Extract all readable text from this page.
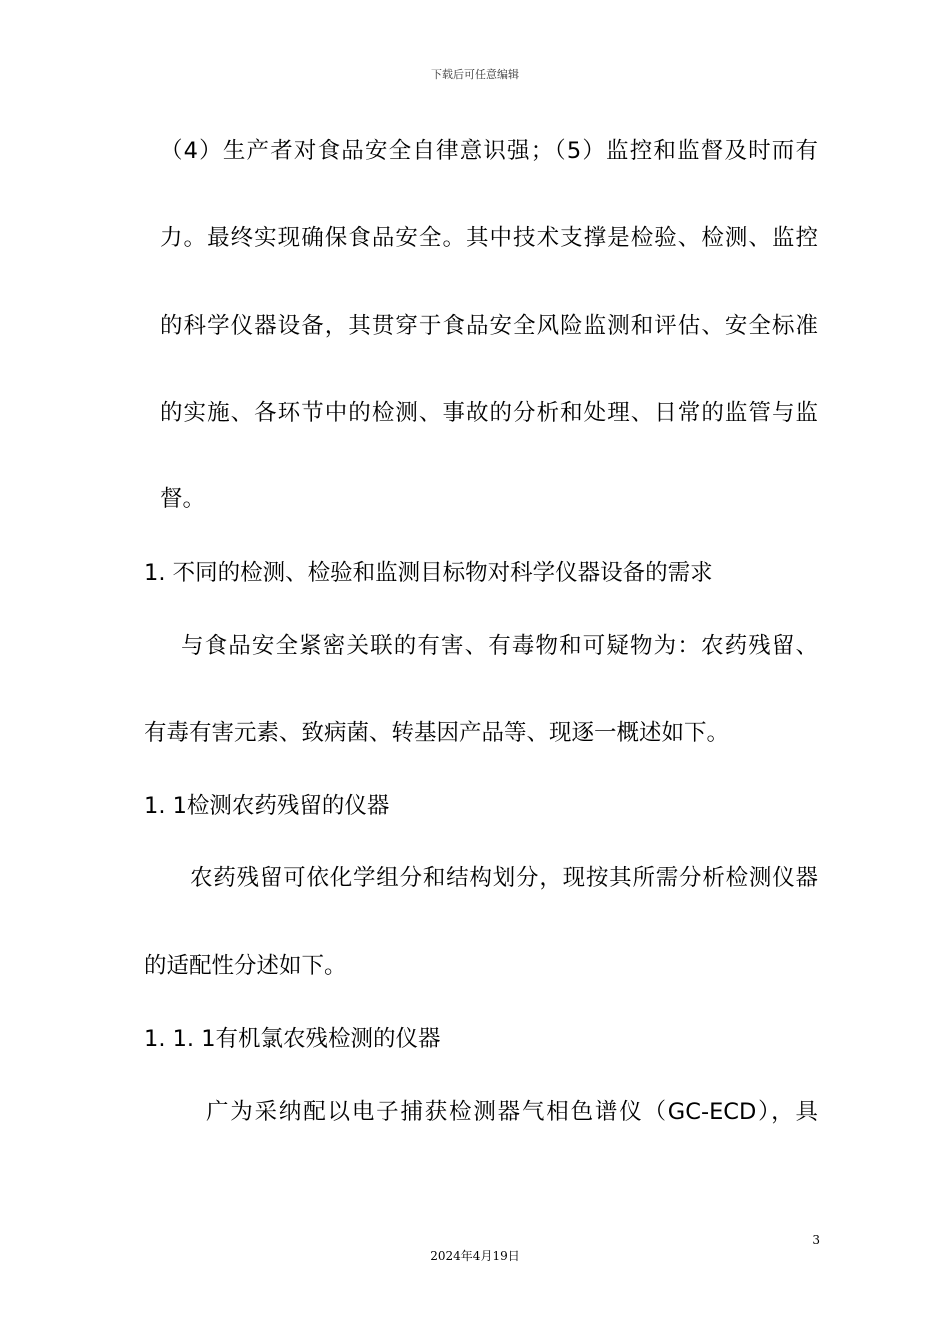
下载后可任意编辑
（4）生产者对食品安全自律意识强；（5）监控和监督及时而有
力。最终实现确保食品安全。其中技术支撑是检验、检测、监控
的科学仪器设备，其贯穿于食品安全风险监测和评估、安全标准
的实施、各环节中的检测、事故的分析和处理、日常的监管与监
督。
1. 不同的检测、检验和监测目标物对科学仪器设备的需求
与食品安全紧密关联的有害、有毒物和可疑物为：农药残留、
有毒有害元素、致病菌、转基因产品等、现逐一概述如下。
1. 1检测农药残留的仪器
农药残留可依化学组分和结构划分，现按其所需分析检测仪器
的适配性分述如下。
1. 1. 1有机氯农残检测的仪器
广为采纳配以电子捕获检测器气相色谱仪（GC-ECD），具
3
2024年4月19日
